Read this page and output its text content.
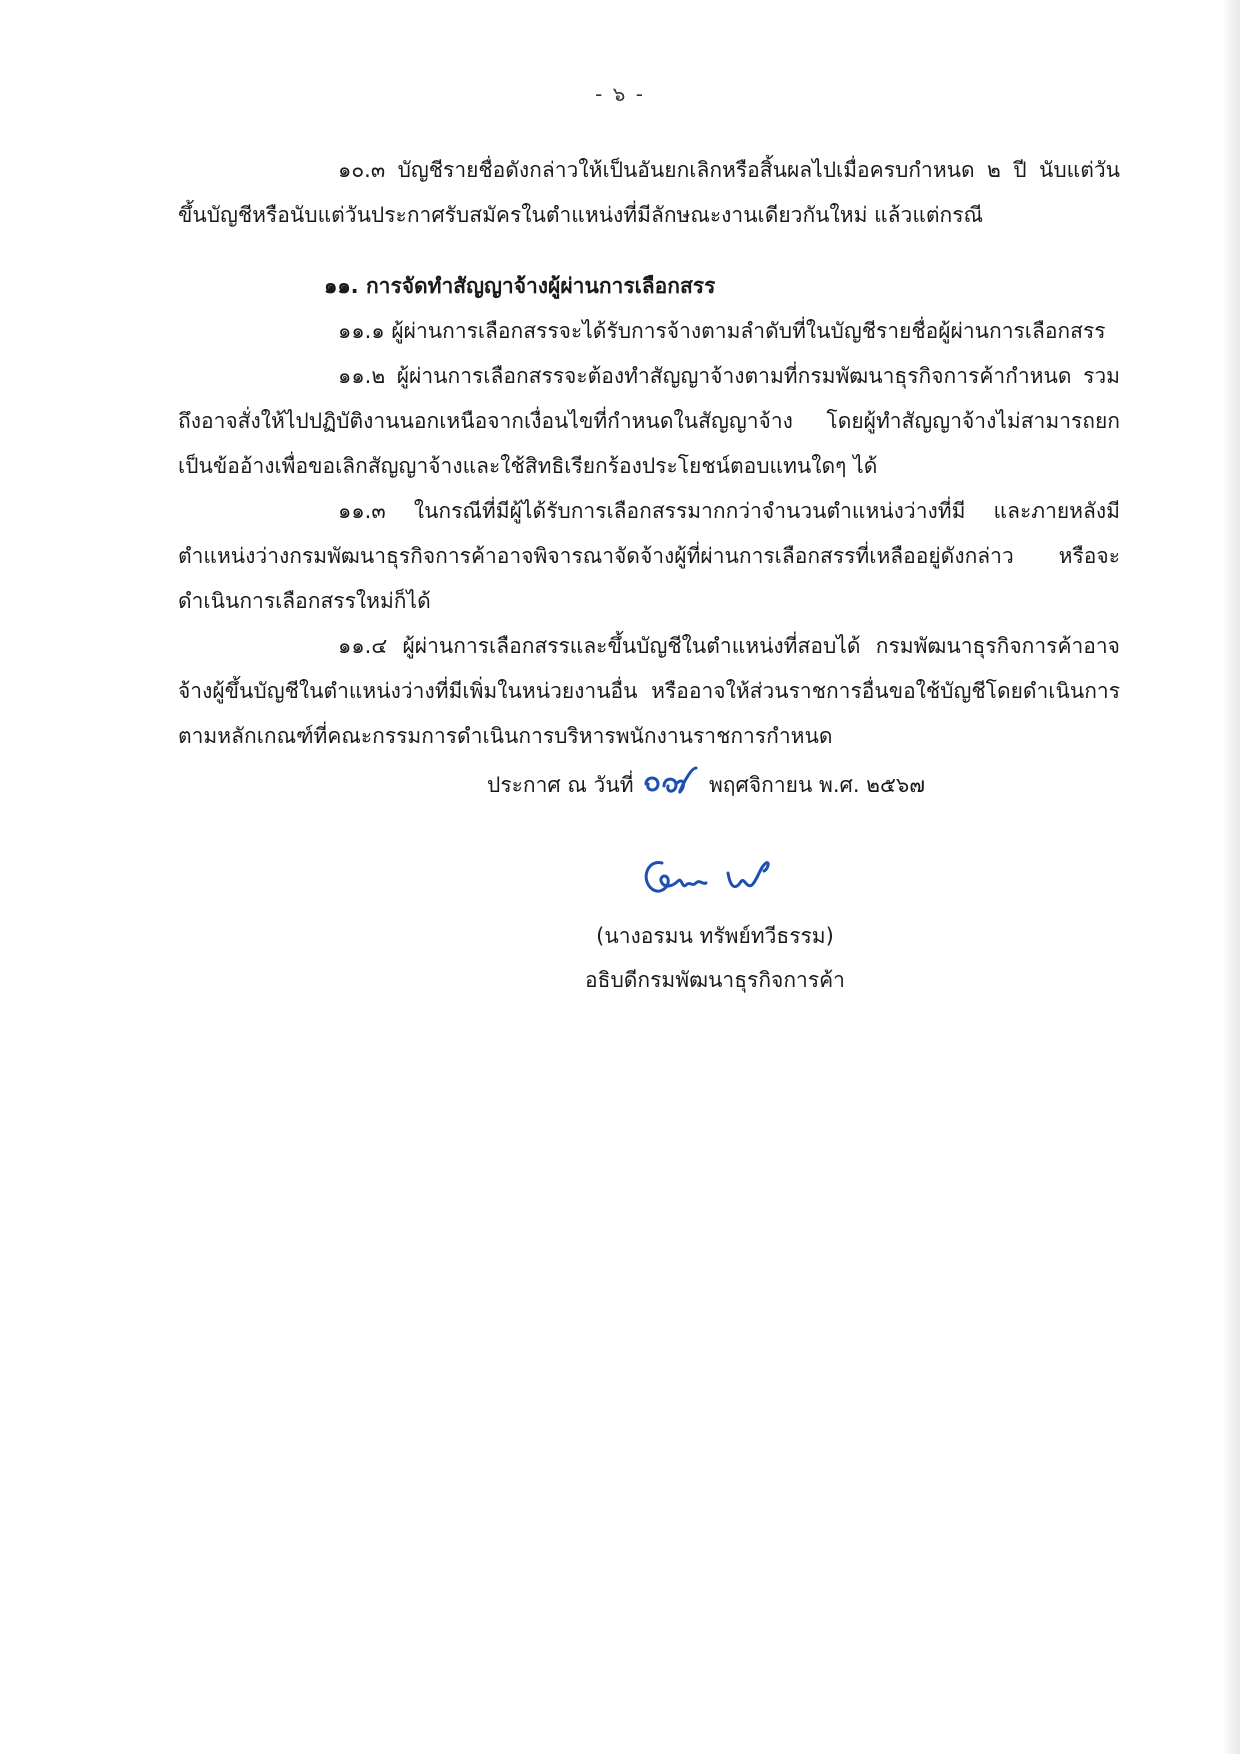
- ๖ -

๑๐.๓ บัญชีรายชื่อดังกล่าวให้เป็นอันยกเลิกหรือสิ้นผลไปเมื่อครบกำหนด ๒ ปี นับแต่วันขึ้นบัญชีหรือนับแต่วันประกาศรับสมัครในตำแหน่งที่มีลักษณะงานเดียวกันใหม่ แล้วแต่กรณี

๑๑. การจัดทำสัญญาจ้างผู้ผ่านการเลือกสรร

๑๑.๑ ผู้ผ่านการเลือกสรรจะได้รับการจ้างตามลำดับที่ในบัญชีรายชื่อผู้ผ่านการเลือกสรร

๑๑.๒ ผู้ผ่านการเลือกสรรจะต้องทำสัญญาจ้างตามที่กรมพัฒนาธุรกิจการค้ากำหนด รวมถึงอาจสั่งให้ไปปฏิบัติงานนอกเหนือจากเงื่อนไขที่กำหนดในสัญญาจ้าง โดยผู้ทำสัญญาจ้างไม่สามารถยกเป็นข้ออ้างเพื่อขอเลิกสัญญาจ้างและใช้สิทธิเรียกร้องประโยชน์ตอบแทนใดๆ ได้

๑๑.๓ ในกรณีที่มีผู้ได้รับการเลือกสรรมากกว่าจำนวนตำแหน่งว่างที่มี และภายหลังมีตำแหน่งว่างกรมพัฒนาธุรกิจการค้าอาจพิจารณาจัดจ้างผู้ที่ผ่านการเลือกสรรที่เหลืออยู่ดังกล่าว หรือจะดำเนินการเลือกสรรใหม่ก็ได้

๑๑.๔ ผู้ผ่านการเลือกสรรและขึ้นบัญชีในตำแหน่งที่สอบได้ กรมพัฒนาธุรกิจการค้าอาจจ้างผู้ขึ้นบัญชีในตำแหน่งว่างที่มีเพิ่มในหน่วยงานอื่น หรืออาจให้ส่วนราชการอื่นขอใช้บัญชีโดยดำเนินการตามหลักเกณฑ์ที่คณะกรรมการดำเนินการบริหารพนักงานราชการกำหนด

ประกาศ ณ วันที่	พฤศจิกายน พ.ศ. ๒๕๖๗
(นางอรมน ทรัพย์ทวีธรรม)
อธิบดีกรมพัฒนาธุรกิจการค้า
